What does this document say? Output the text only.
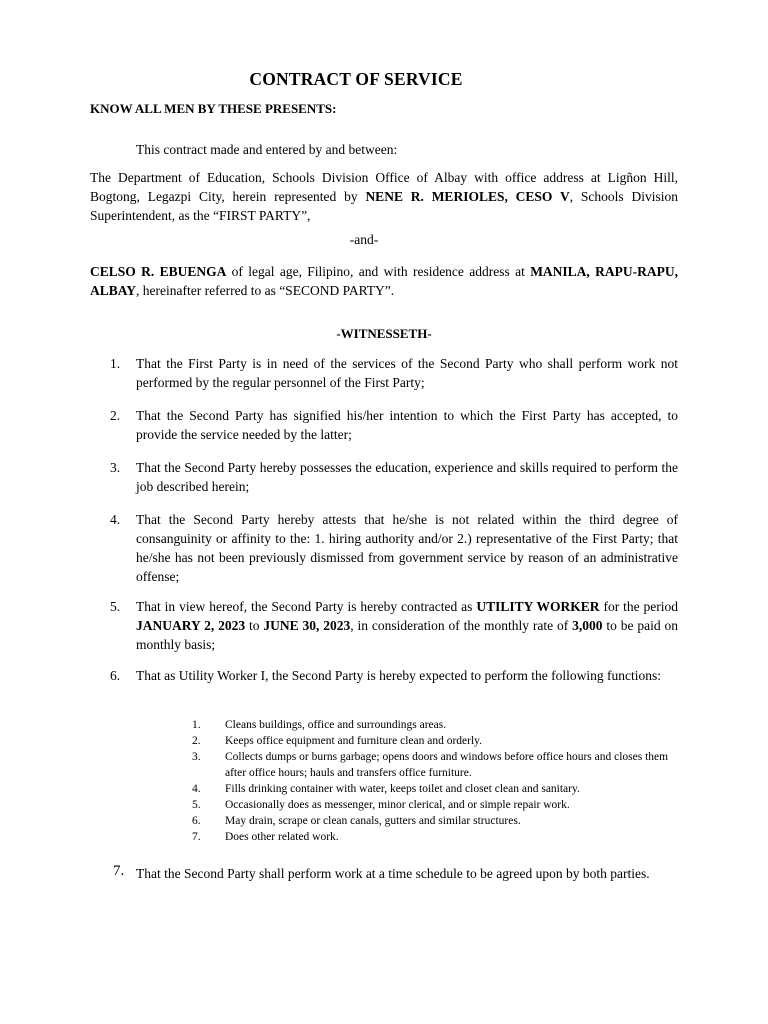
CONTRACT OF SERVICE
KNOW ALL MEN BY THESE PRESENTS:
This contract made and entered by and between:
The Department of Education, Schools Division Office of Albay with office address at Ligñon Hill, Bogtong, Legazpi City, herein represented by NENE R. MERIOLES, CESO V, Schools Division Superintendent, as the “FIRST PARTY”,
-and-
CELSO R. EBUENGA of legal age, Filipino, and with residence address at MANILA, RAPU-RAPU, ALBAY, hereinafter referred to as “SECOND PARTY”.
-WITNESSETH-
1. That the First Party is in need of the services of the Second Party who shall perform work not performed by the regular personnel of the First Party;
2. That the Second Party has signified his/her intention to which the First Party has accepted, to provide the service needed by the latter;
3. That the Second Party hereby possesses the education, experience and skills required to perform the job described herein;
4. That the Second Party hereby attests that he/she is not related within the third degree of consanguinity or affinity to the: 1. hiring authority and/or 2.) representative of the First Party; that he/she has not been previously dismissed from government service by reason of an administrative offense;
5. That in view hereof, the Second Party is hereby contracted as UTILITY WORKER for the period JANUARY 2, 2023 to JUNE 30, 2023, in consideration of the monthly rate of 3,000 to be paid on monthly basis;
6. That as Utility Worker I, the Second Party is hereby expected to perform the following functions:
1. Cleans buildings, office and surroundings areas.
2. Keeps office equipment and furniture clean and orderly.
3. Collects dumps or burns garbage; opens doors and windows before office hours and closes them after office hours; hauls and transfers office furniture.
4. Fills drinking container with water, keeps toilet and closet clean and sanitary.
5. Occasionally does as messenger, minor clerical, and or simple repair work.
6. May drain, scrape or clean canals, gutters and similar structures.
7. Does other related work.
7. That the Second Party shall perform work at a time schedule to be agreed upon by both parties.
